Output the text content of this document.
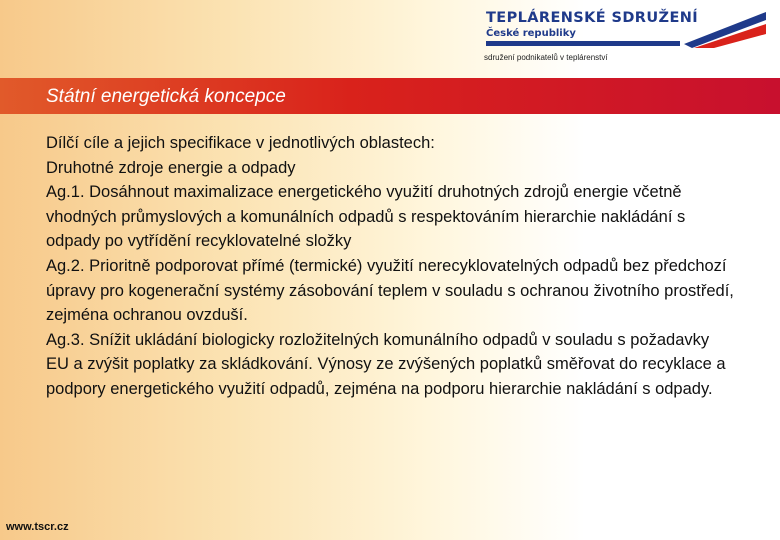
TEPLÁRENSKÉ SDRUŽENÍ
České republiky
sdružení podnikatelů v teplárenství
Státní energetická koncepce

Dílčí cíle a jejich specifikace v jednotlivých oblastech:

Druhotné zdroje energie a odpady

Ag.1. Dosáhnout maximalizace energetického využití druhotných zdrojů energie včetně vhodných průmyslových a komunálních odpadů s respektováním hierarchie nakládání s odpady po vytřídění recyklovatelné složky

Ag.2. Prioritně podporovat přímé (termické) využití nerecyklovatelných odpadů bez předchozí úpravy pro kogenerační systémy zásobování teplem v souladu s ochranou životního prostředí, zejména ochranou ovzduší.

Ag.3. Snížit ukládání biologicky rozložitelných komunálního odpadů v souladu s požadavky EU a zvýšit poplatky za skládkování. Výnosy ze zvýšených poplatků směřovat do recyklace a podpory energetického využití odpadů, zejména na podporu hierarchie nakládání s odpady.

www.tscr.cz
